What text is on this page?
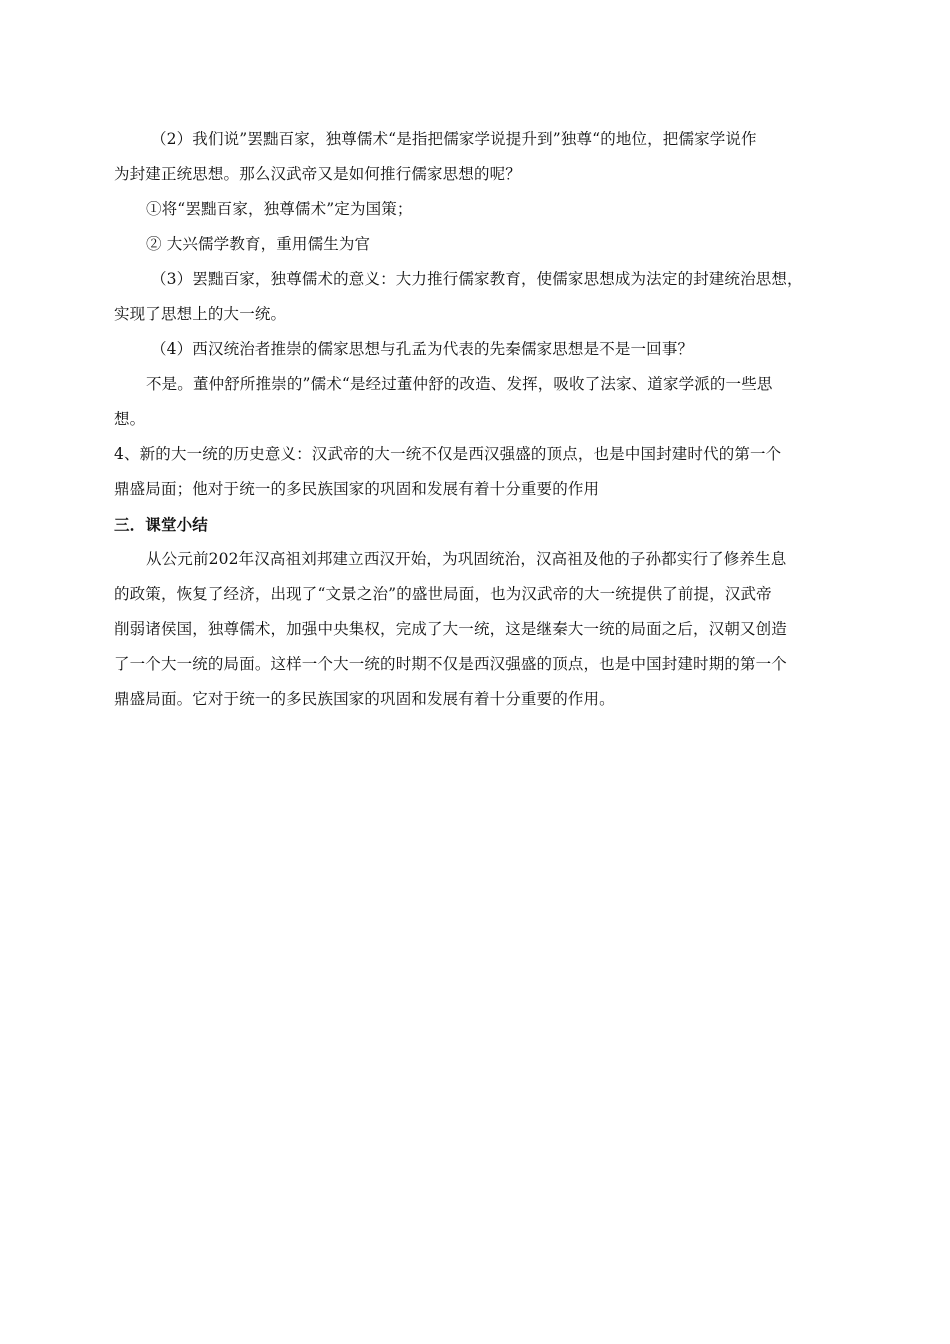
（2）我们说”罢黜百家，独尊儒术“是指把儒家学说提升到”独尊“的地位，把儒家学说作
为封建正统思想。那么汉武帝又是如何推行儒家思想的呢？
①将“罢黜百家，独尊儒术”定为国策；
② 大兴儒学教育，重用儒生为官
（3）罢黜百家，独尊儒术的意义：大力推行儒家教育，使儒家思想成为法定的封建统治思想，
实现了思想上的大一统。
（4）西汉统治者推崇的儒家思想与孔孟为代表的先秦儒家思想是不是一回事？
不是。董仲舒所推崇的”儒术“是经过董仲舒的改造、发挥，吸收了法家、道家学派的一些思
想。
4、新的大一统的历史意义：汉武帝的大一统不仅是西汉强盛的顶点，也是中国封建时代的第一个
鼎盛局面；他对于统一的多民族国家的巩固和发展有着十分重要的作用
三．课堂小结
从公元前202年汉高祖刘邦建立西汉开始，为巩固统治，汉高祖及他的子孙都实行了修养生息
的政策，恢复了经济，出现了“文景之治”的盛世局面，也为汉武帝的大一统提供了前提，汉武帝
削弱诸侯国，独尊儒术，加强中央集权，完成了大一统，这是继秦大一统的局面之后，汉朝又创造
了一个大一统的局面。这样一个大一统的时期不仅是西汉强盛的顶点，也是中国封建时期的第一个
鼎盛局面。它对于统一的多民族国家的巩固和发展有着十分重要的作用。
